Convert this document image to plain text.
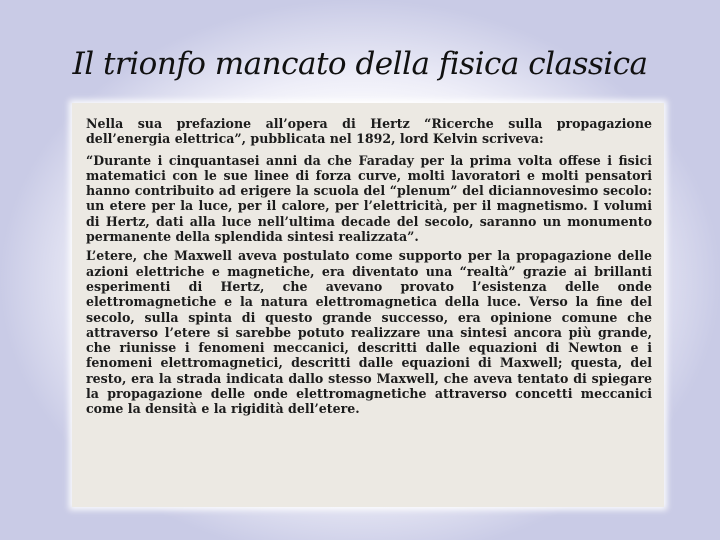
Il trionfo mancato della fisica classica

Nella sua prefazione all’opera di Hertz “Ricerche sulla propagazione dell’energia elettrica”, pubblicata nel 1892, lord Kelvin scriveva:

“Durante i cinquantasei anni da che Faraday per la prima volta offese i fisici matematici con le sue linee di forza curve, molti lavoratori e molti pensatori hanno contribuito ad erigere la scuola del “plenum” del diciannovesimo secolo: un etere per la luce, per il calore, per l’elettricità, per il magnetismo. I volumi di Hertz, dati alla luce nell’ultima decade del secolo, saranno un monumento permanente della splendida sintesi realizzata”.

L’etere, che Maxwell aveva postulato come supporto per la propagazione delle azioni elettriche e magnetiche, era diventato una “realtà” grazie ai brillanti esperimenti di Hertz, che avevano provato l’esistenza delle onde elettromagnetiche e la natura elettromagnetica della luce. Verso la fine del secolo, sulla spinta di questo grande successo, era opinione comune che attraverso l’etere si sarebbe potuto realizzare una sintesi ancora più grande, che riunisse i fenomeni meccanici, descritti dalle equazioni di Newton e i fenomeni elettromagnetici, descritti dalle equazioni di Maxwell; questa, del resto, era la strada indicata dallo stesso Maxwell, che aveva tentato di spiegare la propagazione delle onde elettromagnetiche attraverso concetti meccanici come la densità e la rigidità dell’etere.
